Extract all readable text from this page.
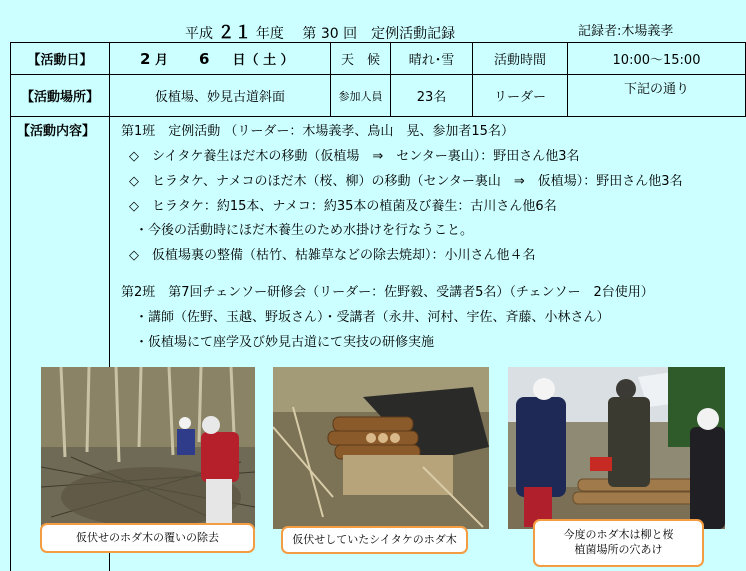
平成 ２１ 年度　 第 30 回　定例活動記録	記録者:木場義孝
【活動日】	2 月 6 日（ 土 ）	天　候	晴れ･雪	活動時間	10:00～15:00
【活動場所】	仮植場、妙見古道斜面	参加人員	23名	リーダー	下記の通り
【活動内容】 第1班　定例活動 （リーダー：木場義孝、鳥山　晃、参加者15名）
◇　シイタケ養生ほだ木の移動（仮植場　⇒　センター裏山）：野田さん他3名
◇　ヒラタケ、ナメコのほだ木（桜、柳）の移動（センター裏山　⇒　仮植場）：野田さん他3名
◇　ヒラタケ：約15本、ナメコ：約35本の植菌及び養生：古川さん他6名
・今後の活動時にほだ木養生のため水掛けを行なうこと。
◇　仮植場裏の整備（枯竹、枯雑草などの除去焼却）：小川さん他４名
第2班　第7回チェンソー研修会（リーダー：佐野毅、受講者5名）（チェンソー　2台使用）
・講師（佐野、玉越、野坂さん）・受講者（永井、河村、宇佐、斉藤、小林さん）
・仮植場にて座学及び妙見古道にて実技の研修実施
仮伏せのホダ木の覆いの除去	仮伏せしていたシイタケのホダ木	今度のホダ木は柳と桜
植菌場所の穴あけ
